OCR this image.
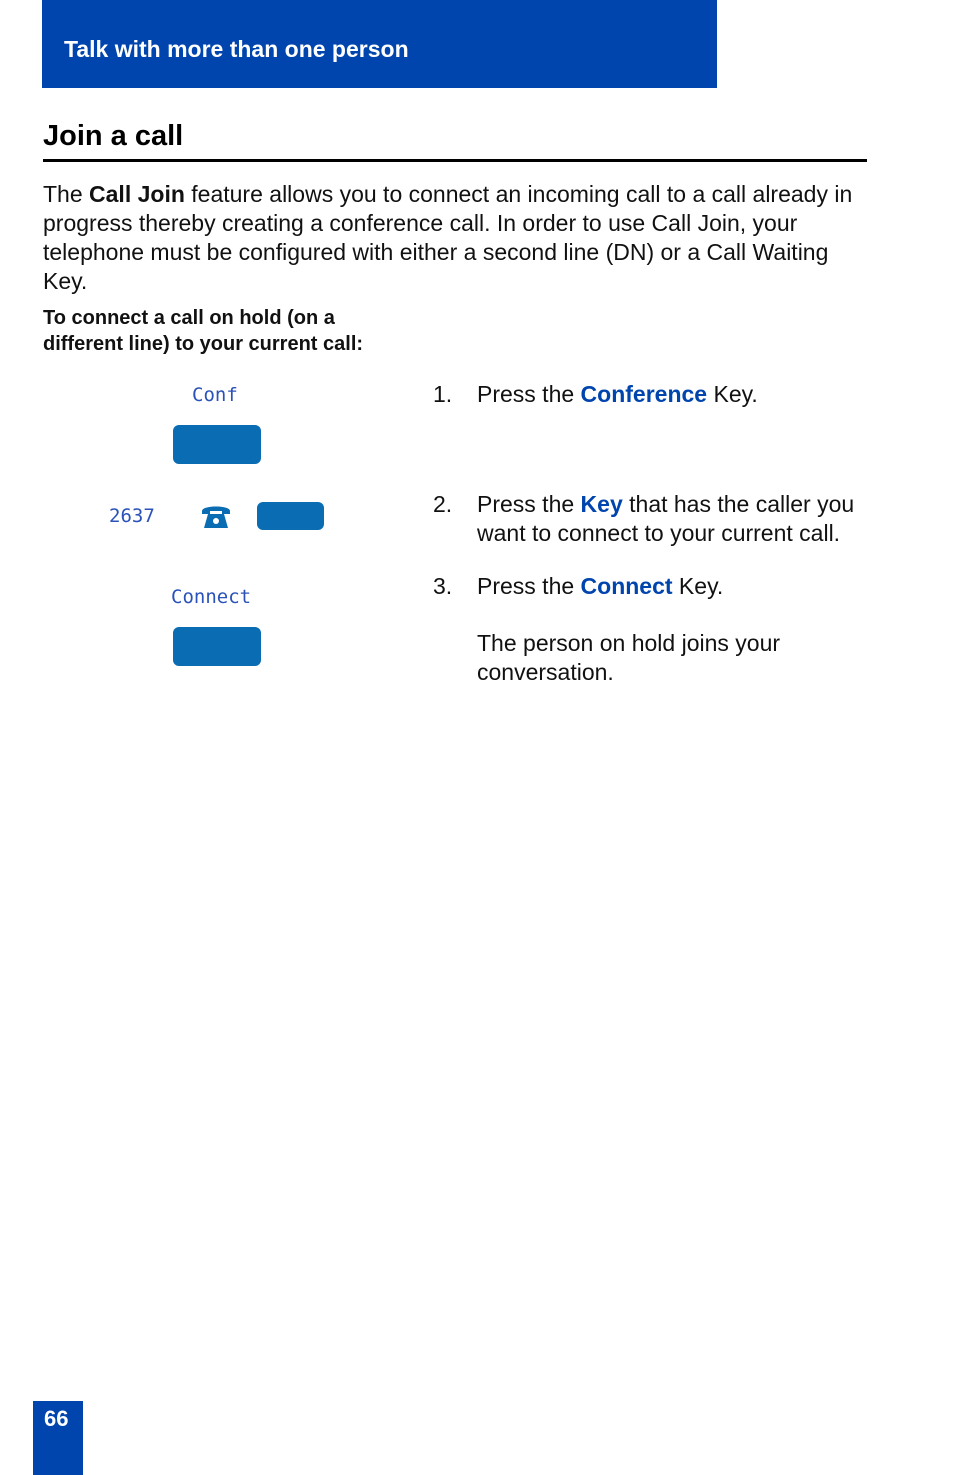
Talk with more than one person
Join a call

The Call Join feature allows you to connect an incoming call to a call already in progress thereby creating a conference call. In order to use Call Join, your telephone must be configured with either a second line (DN) or a Call Waiting Key.

To connect a call on hold (on a different line) to your current call:

Conf
2637
Connect
1. Press the Conference Key.
2. Press the Key that has the caller you want to connect to your current call.
3. Press the Connect Key.
The person on hold joins your conversation.
66
